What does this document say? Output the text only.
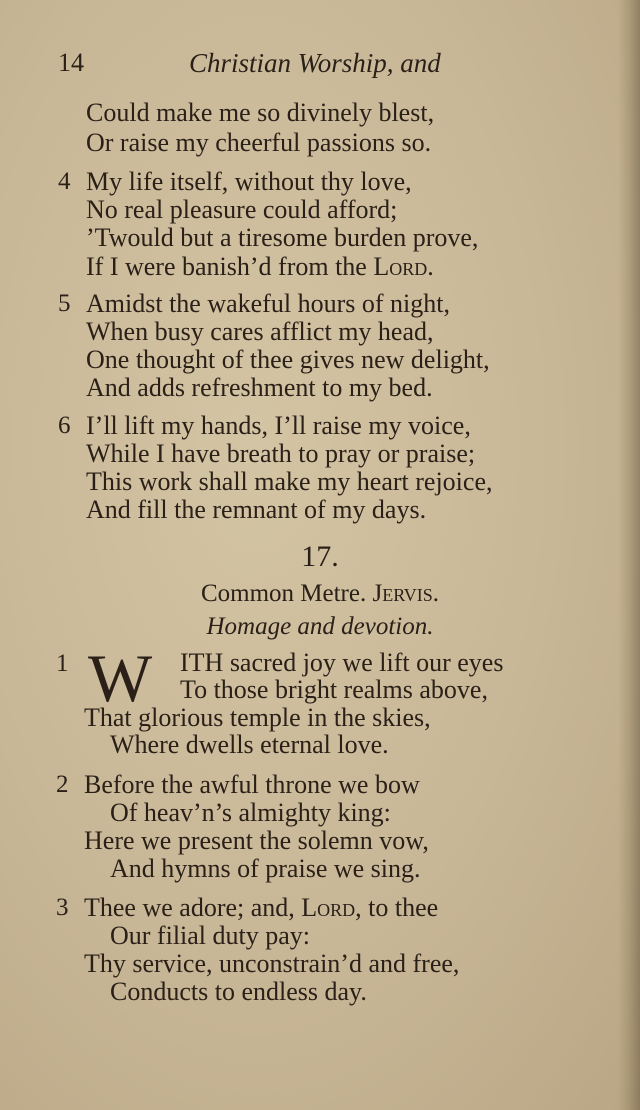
14	Christian Worship, and
Could make me so divinely blest,
Or raise my cheerful passions so.
4 My life itself, without thy love,
No real pleasure could afford;
’Twould but a tiresome burden prove,
If I were banish’d from the Lord.
5 Amidst the wakeful hours of night,
When busy cares afflict my head,
One thought of thee gives new delight,
And adds refreshment to my bed.
6 I’ll lift my hands, I’ll raise my voice,
While I have breath to pray or praise;
This work shall make my heart rejoice,
And fill the remnant of my days.
17.
Common Metre. Jervis.
Homage and devotion.
1 W ITH sacred joy we lift our eyes
To those bright realms above,
That glorious temple in the skies,
Where dwells eternal love.
2 Before the awful throne we bow
Of heav’n’s almighty king:
Here we present the solemn vow,
And hymns of praise we sing.
3 Thee we adore; and, Lord, to thee
Our filial duty pay:
Thy service, unconstrain’d and free,
Conducts to endless day.
